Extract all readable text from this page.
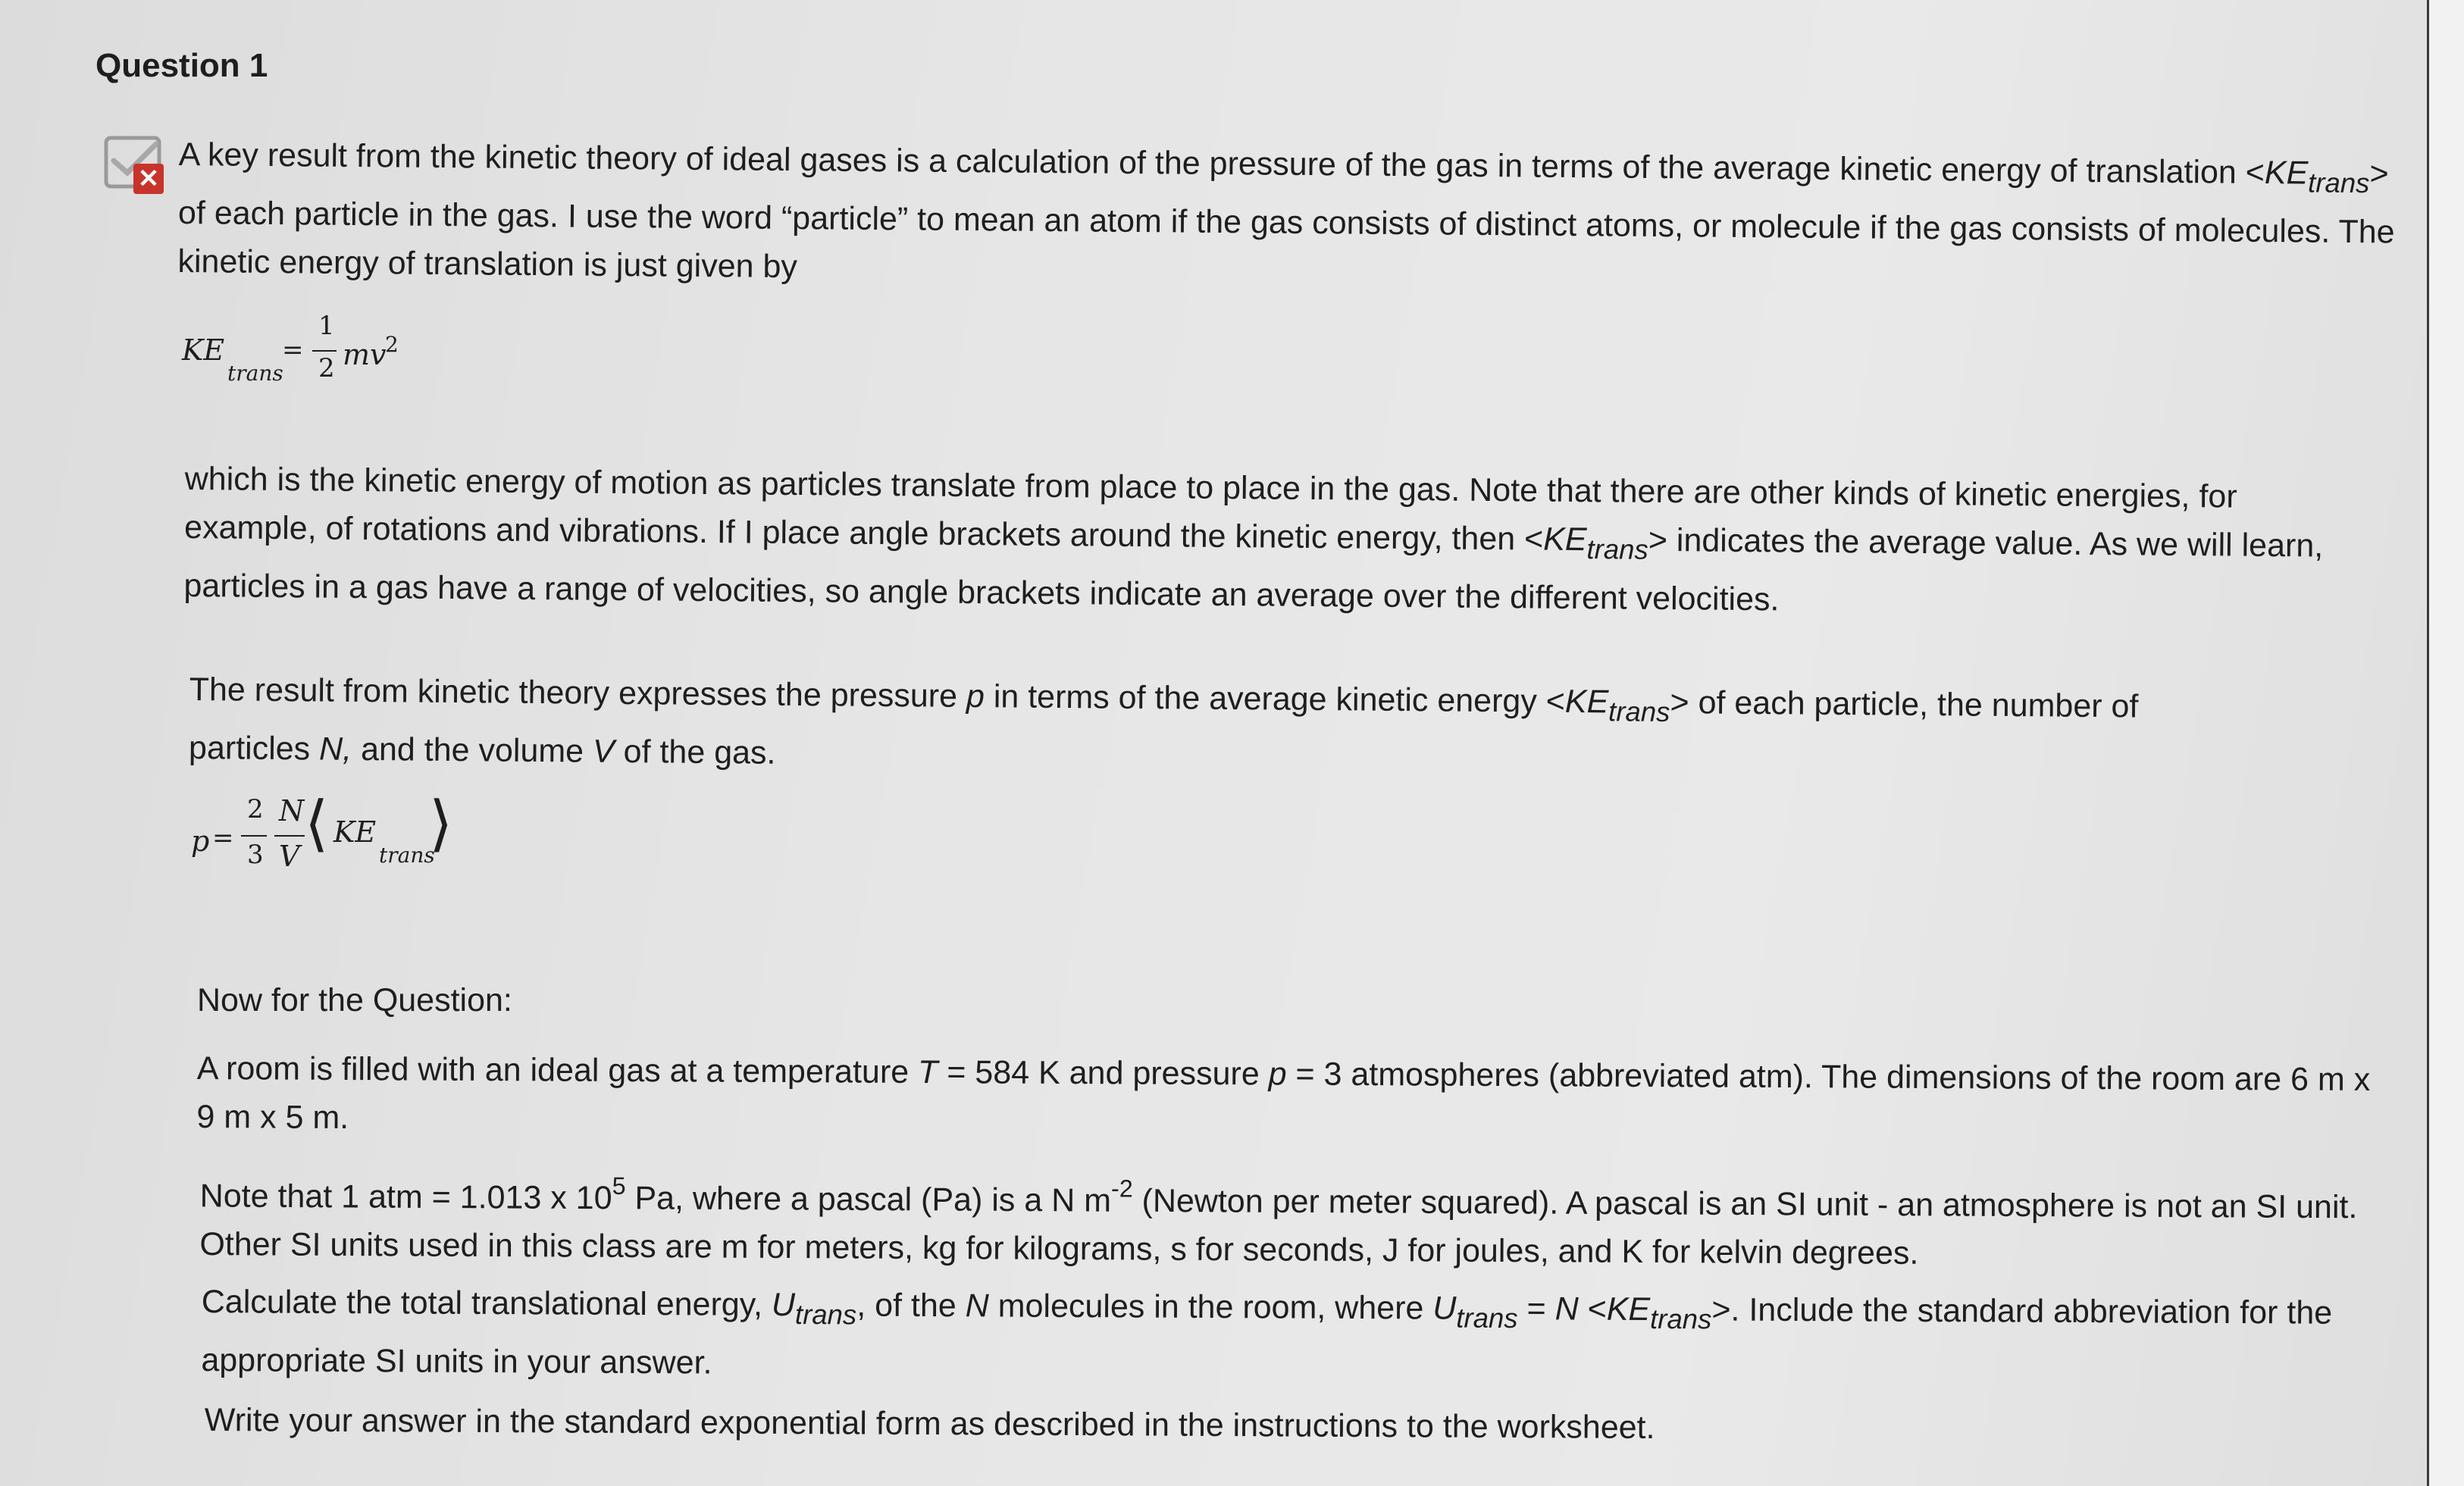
Question 1
✕ A key result from the kinetic theory of ideal gases is a calculation of the pressure of the gas in terms of the average kinetic energy of translation $<KE_{trans}>$ of each particle in the gas. I use the word “particle” to mean an atom if the gas consists of distinct atoms, or molecule if the gas consists of molecules. The kinetic energy of translation is just given by

KE
trans
=
1
2 mv
2

which is the kinetic energy of motion as particles translate from place to place in the gas. Note that there are other kinds of kinetic energies, for example, of rotations and vibrations. If I place angle brackets around the kinetic energy, then $<KE_{trans}>$ indicates the average value. As we will learn, particles in a gas have a range of velocities, so angle brackets indicate an average over the different velocities.

The result from kinetic theory expresses the pressure p in terms of the average kinetic energy $<KE_{trans}>$ of each particle, the number of particles N, and the volume V of the gas.

p =
2
3
N
V ⟨ KE
trans
⟩

Now for the Question:

A room is filled with an ideal gas at a temperature T = 584 K and pressure p = 3 atmospheres (abbreviated atm). The dimensions of the room are 6 m x 9 m x 5 m.

Note that 1 atm = 1.013 x $10^5$ Pa, where a pascal (Pa) is a N $m^{-2}$ (Newton per meter squared). A pascal is an SI unit - an atmosphere is not an SI unit. Other SI units used in this class are m for meters, kg for kilograms, s for seconds, J for joules, and K for kelvin degrees.

Calculate the total translational energy, $U_{trans}$, of the N molecules in the room, where $U_{trans} = N <KE_{trans}>$. Include the standard abbreviation for the appropriate SI units in your answer.

Write your answer in the standard exponential form as described in the instructions to the worksheet.
